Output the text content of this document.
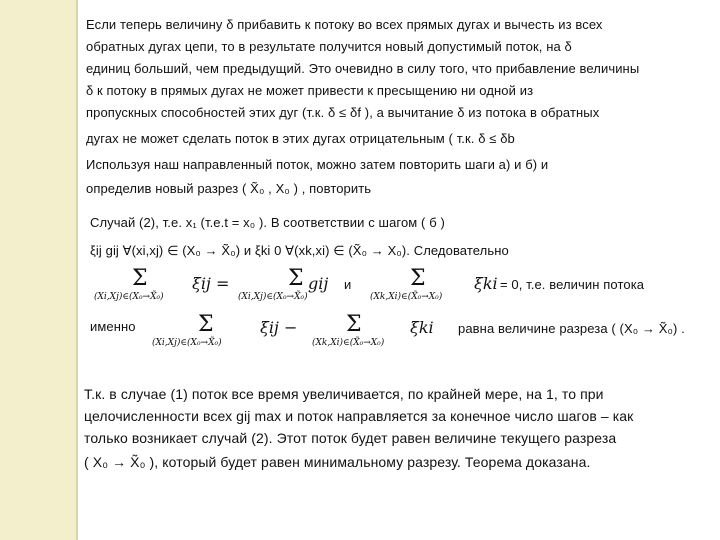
Если теперь величину δ прибавить к потоку во всех прямых дугах и вычесть из всех
обратных дугах цепи, то в результате получится новый допустимый поток, на δ
единиц больший, чем предыдущий. Это очевидно в силу того, что прибавление величины
δ к потоку в прямых дугах не может привести к пресыщению ни одной из
пропускных способностей этих дуг (т.к. δ ≤ δf ), а вычитание δ из потока в обратных
дугах не может сделать поток в этих дугах отрицательным ( т.к. δ ≤ δb
Используя наш направленный поток, можно затем повторить шаги а) и б) и
определив новый разрез ( X̃₀ , X₀ ) , повторить
Случай (2), т.е. x₁ (т.е.t = x₀ ). В соответствии с шагом ( б )
ξij gij ∀(xi,xj) ∈ (X₀ → X̃₀) и ξki 0 ∀(xk,xi) ∈ (X̃₀ → X₀). Следовательно
Σ
(Xi,Xj)∈(X₀→X̃₀)
ξij =	Σ
(Xi,Xj)∈(X₀→X̃₀)
gij и	Σ
(Xk,Xi)∈(X̃₀→X₀)
ξki = 0, т.е. величин потока
именно	Σ
(Xi,Xj)∈(X₀→X̃₀)
ξij − Σ
(Xk,Xi)∈(X̃₀→X₀)
ξki равна величине разреза ( (X₀ → X̃₀) .
Т.к. в случае (1) поток все время увеличивается, по крайней мере, на 1, то при
целочисленности всех gij max и поток направляется за конечное число шагов – как
только возникает случай (2). Этот поток будет равен величине текущего разреза
( X₀ → X̃₀ ), который будет равен минимальному разрезу. Теорема доказана.
